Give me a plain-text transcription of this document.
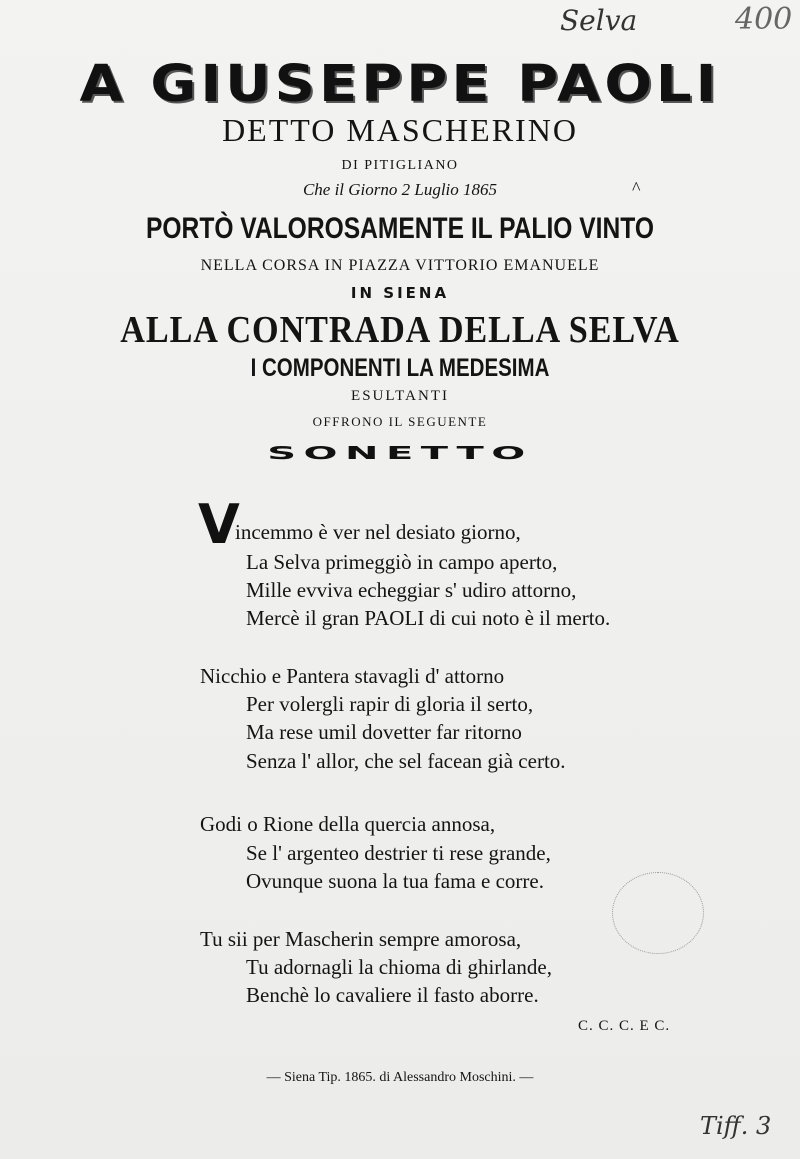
Selva	400
A GIUSEPPE PAOLI
DETTO MASCHERINO
DI PITIGLIANO
Che il Giorno 2 Luglio 1865	^
PORTÒ VALOROSAMENTE IL PALIO VINTO
NELLA CORSA IN PIAZZA VITTORIO EMANUELE
IN SIENA
ALLA CONTRADA DELLA SELVA
I COMPONENTI LA MEDESIMA
ESULTANTI
OFFRONO IL SEGUENTE
SONETTO
V
incemmo è ver nel desiato giorno,
La Selva primeggiò in campo aperto,
Mille evviva echeggiar s' udiro attorno,
Mercè il gran PAOLI di cui noto è il merto.
Nicchio e Pantera stavagli d' attorno
Per volergli rapir di gloria il serto,
Ma rese umil dovetter far ritorno
Senza l' allor, che sel facean già certo.
Godi o Rione della quercia annosa,
Se l' argenteo destrier ti rese grande,
Ovunque suona la tua fama e corre.
Tu sii per Mascherin sempre amorosa,
Tu adornagli la chioma di ghirlande,
Benchè lo cavaliere il fasto aborre.
C. C. C. E C.
— Siena Tip. 1865. di Alessandro Moschini. —
Tiff. 3
